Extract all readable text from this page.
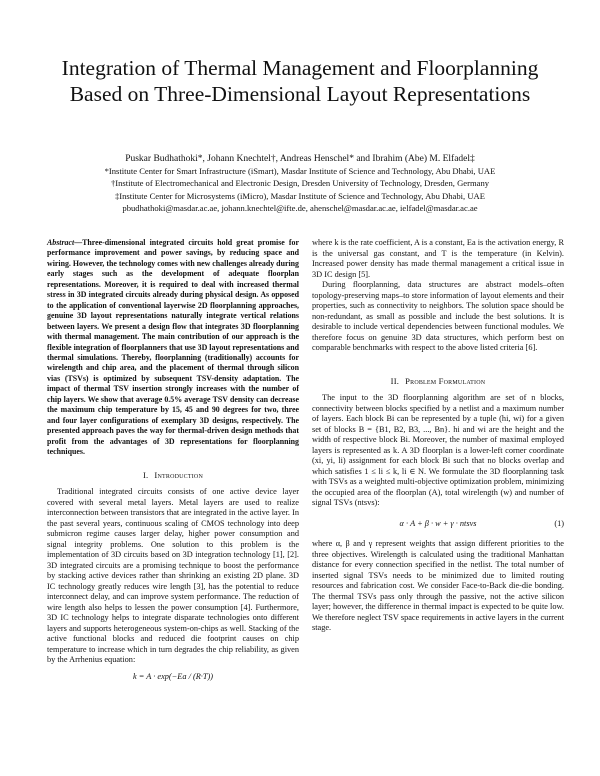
Integration of Thermal Management and Floorplanning Based on Three-Dimensional Layout Representations
Puskar Budhathoki*, Johann Knechtel†, Andreas Henschel* and Ibrahim (Abe) M. Elfadel‡
*Institute Center for Smart Infrastructure (iSmart), Masdar Institute of Science and Technology, Abu Dhabi, UAE
†Institute of Electromechanical and Electronic Design, Dresden University of Technology, Dresden, Germany
‡Institute Center for Microsystems (iMicro), Masdar Institute of Science and Technology, Abu Dhabi, UAE
pbudhathoki@masdar.ac.ae, johann.knechtel@ifte.de, ahenschel@masdar.ac.ae, ielfadel@masdar.ac.ae

Abstract—Three-dimensional integrated circuits hold great promise for performance improvement and power savings, by reducing space and wiring. However, the technology comes with new challenges already during early stages such as the development of adequate floorplan representations. Moreover, it is required to deal with increased thermal stress in 3D integrated circuits already during physical design. As opposed to the application of conventional layerwise 2D floorplanning approaches, genuine 3D layout representations naturally integrate vertical relations between layers. We present a design flow that integrates 3D floorplanning with thermal management. The main contribution of our approach is the flexible integration of floorplanners that use 3D layout representations and thermal simulations. Thereby, floorplanning (traditionally) accounts for wirelength and chip area, and the placement of thermal through silicon vias (TSVs) is optimized by subsequent TSV-density adaptation. The impact of thermal TSV insertion strongly increases with the number of chip layers. We show that average 0.5% average TSV density can decrease the maximum chip temperature by 15, 45 and 90 degrees for two, three and four layer configurations of exemplary 3D designs, respectively. The presented approach paves the way for thermal-driven design methods that profit from the advantages of 3D representations for floorplanning techniques.

I. Introduction

Traditional integrated circuits consists of one active device layer covered with several metal layers. Metal layers are used to realize interconnection between transistors that are integrated in the active layer. In the past several years, continuous scaling of CMOS technology into deep submicron regime causes larger delay, higher power consumption and signal integrity problems. One solution to this problem is the implementation of 3D circuits based on 3D integration technology [1], [2]. 3D integrated circuits are a promising technique to boost the performance by stacking active devices rather than shrinking an existing 2D plane. 3D IC technology greatly reduces wire length [3], has the potential to reduce interconnect delay, and can improve system performance. The reduction of wire length also helps to lessen the power consumption [4]. Furthermore, 3D IC technology helps to integrate disparate technologies onto different layers and supports heterogeneous system-on-chips as well. Stacking of the active functional blocks and reduced die footprint causes on chip temperature to increase which in turn degrades the chip reliability, as given by the Arrhenius equation:

k = A · exp(−Ea / (R·T))

where k is the rate coefficient, A is a constant, Ea is the activation energy, R is the universal gas constant, and T is the temperature (in Kelvin). Increased power density has made thermal management a critical issue in 3D IC design [5].

During floorplanning, data structures are abstract models–often topology-preserving maps–to store information of layout elements and their properties, such as connectivity to neighbors. The solution space should be non-redundant, as small as possible and include the best solutions. It is desirable to include vertical dependencies between functional modules. We therefore focus on genuine 3D data structures, which perform best on comparable benchmarks with respect to the above listed criteria [6].

II. Problem Formulation

The input to the 3D floorplanning algorithm are set of n blocks, connectivity between blocks specified by a netlist and a maximum number of layers. Each block Bi can be represented by a tuple (hi, wi) for a given set of blocks B = {B1, B2, B3, ..., Bn}. hi and wi are the height and the width of respective block Bi. Moreover, the number of maximal employed layers is represented as k. A 3D floorplan is a lower-left corner coordinate (xi, yi, li) assignment for each block Bi such that no blocks overlap and which satisfies 1 ≤ li ≤ k, li ∈ N. We formulate the 3D floorplanning task with TSVs as a weighted multi-objective optimization problem, minimizing the occupied area of the floorplan (A), total wirelength (w) and number of signal TSVs (ntsvs):

α · A + β · w + γ · ntsvs	(1)

where α, β and γ represent weights that assign different priorities to the three objectives. Wirelength is calculated using the traditional Manhattan distance for every connection specified in the netlist. The total number of inserted signal TSVs needs to be minimized due to limited routing resources and fabrication cost. We consider Face-to-Back die-die bonding. The thermal TSVs pass only through the passive, not the active silicon layer; however, the difference in thermal impact is expected to be quite low. We therefore neglect TSV space requirements in active layers in the current stage.
